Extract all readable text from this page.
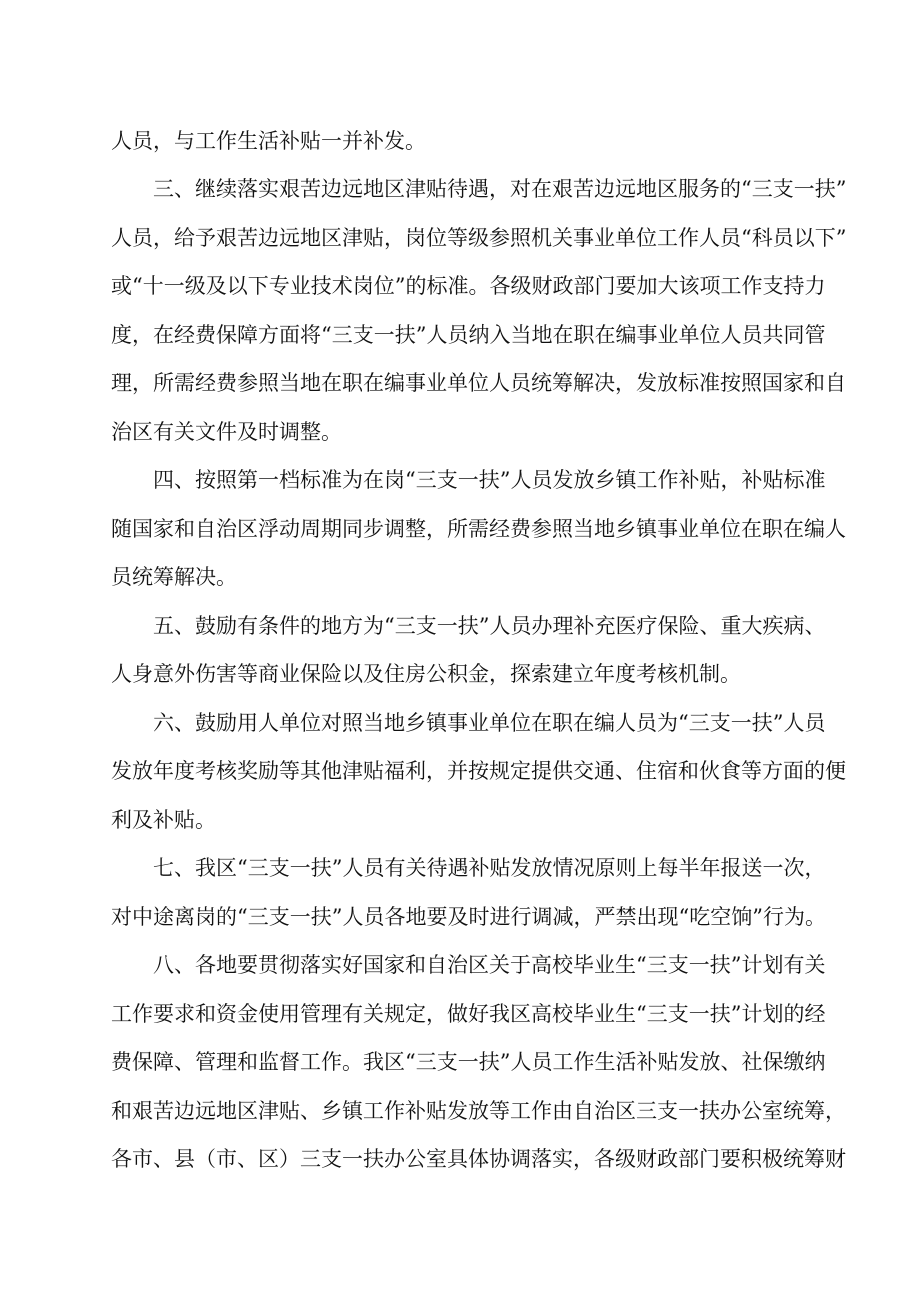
人员，与工作生活补贴一并补发。
三、继续落实艰苦边远地区津贴待遇，对在艰苦边远地区服务的“三支一扶”
人员，给予艰苦边远地区津贴，岗位等级参照机关事业单位工作人员“科员以下”
或“十一级及以下专业技术岗位”的标准。各级财政部门要加大该项工作支持力
度，在经费保障方面将“三支一扶”人员纳入当地在职在编事业单位人员共同管
理，所需经费参照当地在职在编事业单位人员统筹解决，发放标准按照国家和自
治区有关文件及时调整。
四、按照第一档标准为在岗“三支一扶”人员发放乡镇工作补贴，补贴标准
随国家和自治区浮动周期同步调整，所需经费参照当地乡镇事业单位在职在编人
员统筹解决。
五、鼓励有条件的地方为“三支一扶”人员办理补充医疗保险、重大疾病、
人身意外伤害等商业保险以及住房公积金，探索建立年度考核机制。
六、鼓励用人单位对照当地乡镇事业单位在职在编人员为“三支一扶”人员
发放年度考核奖励等其他津贴福利，并按规定提供交通、住宿和伙食等方面的便
利及补贴。
七、我区“三支一扶”人员有关待遇补贴发放情况原则上每半年报送一次，
对中途离岗的“三支一扶”人员各地要及时进行调减，严禁出现“吃空饷”行为。
八、各地要贯彻落实好国家和自治区关于高校毕业生“三支一扶”计划有关
工作要求和资金使用管理有关规定，做好我区高校毕业生“三支一扶”计划的经
费保障、管理和监督工作。我区“三支一扶”人员工作生活补贴发放、社保缴纳
和艰苦边远地区津贴、乡镇工作补贴发放等工作由自治区三支一扶办公室统筹，
各市、县（市、区）三支一扶办公室具体协调落实，各级财政部门要积极统筹财
